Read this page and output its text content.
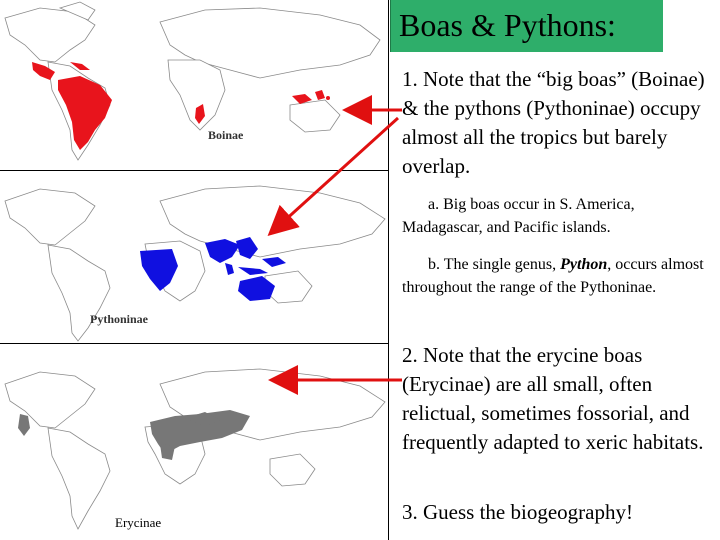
Boinae
Pythoninae
Erycinae
Boas & Pythons:
1. Note that the “big boas” (Boinae) & the pythons (Pythoninae) occupy almost all the tropics but barely overlap.
a. Big boas occur in S. America, Madagascar, and Pacific islands.
b. The single genus, Python, occurs almost throughout the range of the Pythoninae.
2. Note that the erycine boas (Erycinae) are all small, often relictual, sometimes fossorial, and frequently adapted to xeric habitats.
3. Guess the biogeography!
